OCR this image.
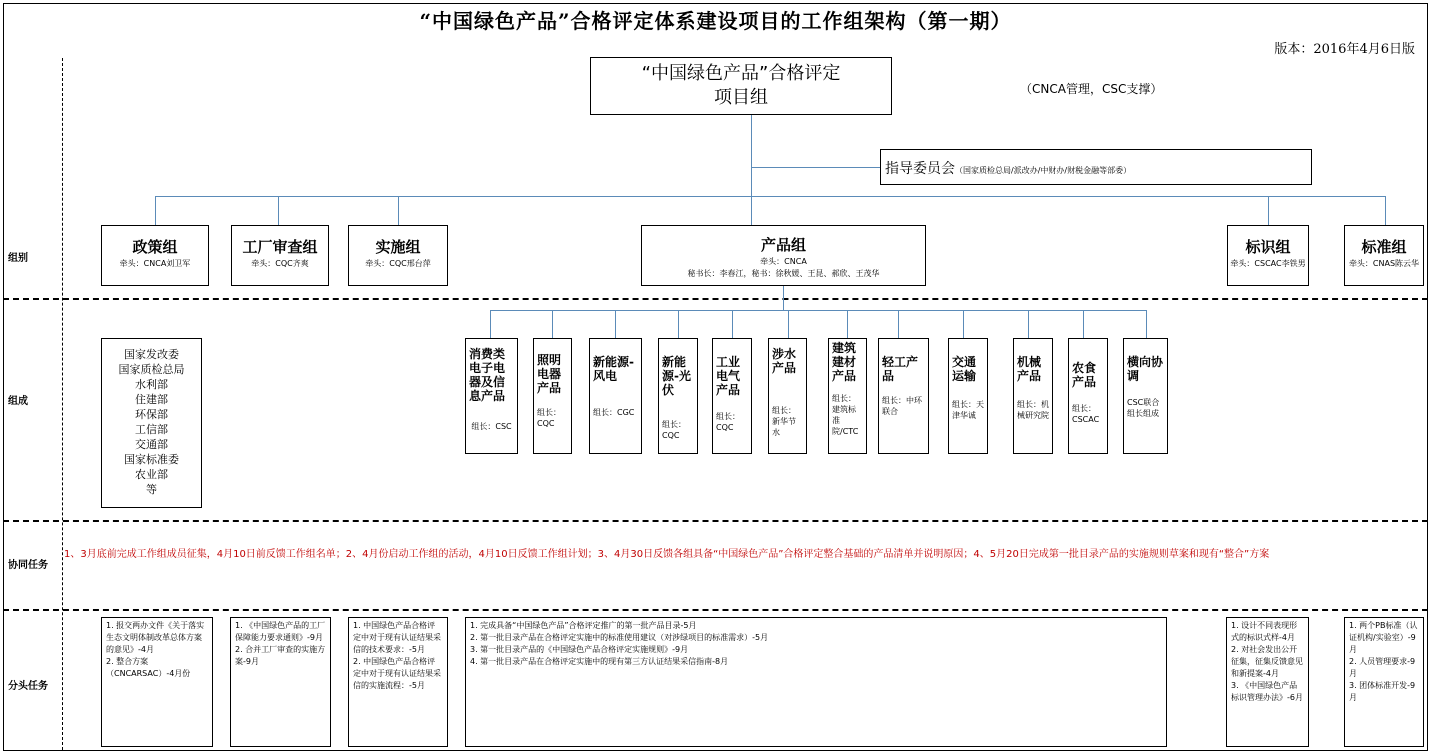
“中国绿色产品”合格评定体系建设项目的工作组架构（第一期）
版本：2016年4月6日版
“中国绿色产品”合格评定
项目组	（CNCA管理，CSC支撑）
指导委员会（国家质检总局/派改办/中财办/财税金融等部委）
组别
政策组
牵头：CNCA刘卫军
工厂审查组
牵头：CQC齐爽
实施组
牵头：CQC邢台萍
产品组
牵头：CNCA
秘书长：李春江，秘书：徐秋媛、王昆、郝欣、王茂华
标识组
牵头：CSCAC李铁男
标准组
牵头：CNAS陈云华
组成
国家发改委
国家质检总局
水利部
住建部
环保部
工信部
交通部
国家标准委
农业部
等
消费类电子电器及信息产品
组长：CSC
照明电器产品
组长：CQC
新能源-风电
组长：CGC
新能源-光伏
组长：CQC
工业电气产品
组长：CQC
涉水产品
组长：新华节水
建筑建材产品
组长：建筑标准院/CTC
轻工产品
组长：中环联合
交通运输
组长：天津华诚
机械产品
组长：机械研究院
农食产品
组长：CSCAC
横向协调
CSC联合组长组成
协同任务
1、3月底前完成工作组成员征集，4月10日前反馈工作组名单；2、4月份启动工作组的活动，4月10日反馈工作组计划；3、4月30日反馈各组具备“中国绿色产品”合格评定整合基础的产品清单并说明原因；4、5月20日完成第一批目录产品的实施规则草案和现有“整合”方案
分头任务
1. 报交两办文件《关于落实生态文明体制改革总体方案的意见》-4月
2. 整合方案（CNCARSAC）-4月份
1. 《中国绿色产品的工厂保障能力要求通则》-9月
2. 合并工厂审查的实施方案-9月
1. 中国绿色产品合格评定中对于现有认证结果采信的技术要求：-5月
2. 中国绿色产品合格评定中对于现有认证结果采信的实施流程：-5月
1. 完成具备“中国绿色产品”合格评定推广的第一批产品目录-5月
2. 第一批目录产品在合格评定实施中的标准使用建议（对涉绿项目的标准需求）-5月
3. 第一批目录产品的《中国绿色产品合格评定实施规则》-9月
4. 第一批目录产品在合格评定实施中的现有第三方认证结果采信指南-8月
1. 设计不同表现形式的标识式样-4月
2. 对社会发出公开征集，征集反馈意见和新提案-4月
3. 《中国绿色产品标识管理办法》-6月
1. 两个PB标准（认证机构/实验室）-9月
2. 人员管理要求-9月
3. 团体标准开发-9月
